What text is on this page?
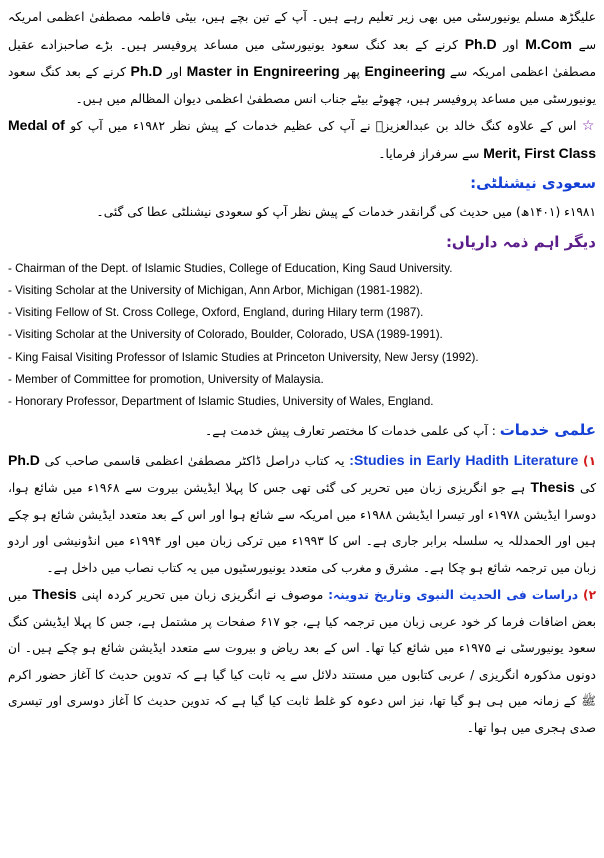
علیگڑھ مسلم یونیورسٹی میں بھی زیر تعلیم رہے ہیں۔ آپ کے تین بچے ہیں، بیٹی فاطمہ مصطفیٰ اعظمی امریکہ سے M.Com اور Ph.D کرنے کے بعد کنگ سعود یونیورسٹی میں مساعد پروفیسر ہیں۔ بڑے صاحبزادے عقیل مصطفیٰ اعظمی امریکہ سے Engineering پھر Master in Engnireering اور Ph.D کرنے کے بعد کنگ سعود یونیورسٹی میں مساعد پروفیسر ہیں، چھوٹے بیٹے جناب انس مصطفیٰ اعظمی دیوان المظالم میں ہیں۔

☆ اس کے علاوہ کنگ خالد بن عبدالعزیزؒ نے آپ کی عظیم خدمات کے پیش نظر ۱۹۸۲ء میں آپ کو Medal of Merit, First Class سے سرفراز فرمایا۔

سعودی نیشنلٹی:

۱۹۸۱ء (۱۴۰۱ھ) میں حدیث کی گرانقدر خدمات کے پیش نظر آپ کو سعودی نیشنلٹی عطا کی گئی۔

دیگر اہم ذمہ داریاں:
- Chairman of the Dept. of Islamic Studies, College of Education, King Saud University.
- Visiting Scholar at the University of Michigan, Ann Arbor, Michigan (1981-1982).
- Visiting Fellow of St. Cross College, Oxford, England, during Hilary term (1987).
- Visiting Scholar at the University of Colorado, Boulder, Colorado, USA (1989-1991).
- King Faisal Visiting Professor of Islamic Studies at Princeton University, New Jersy (1992).
- Member of Committee for promotion, University of Malaysia.
- Honorary Professor, Department of Islamic Studies, University of Wales, England.
علمی خدمات : آپ کی علمی خدمات کا مختصر تعارف پیش خدمت ہے۔

۱) Studies in Early Hadith Literature: یہ کتاب دراصل ڈاکٹر مصطفیٰ اعظمی قاسمی صاحب کی Ph.D کی Thesis ہے جو انگریزی زبان میں تحریر کی گئی تھی جس کا پہلا ایڈیشن بیروت سے ۱۹۶۸ء میں شائع ہوا، دوسرا ایڈیشن ۱۹۷۸ء اور تیسرا ایڈیشن ۱۹۸۸ء میں امریکہ سے شائع ہوا اور اس کے بعد متعدد ایڈیشن شائع ہو چکے ہیں اور الحمدللہ یہ سلسلہ برابر جاری ہے۔ اس کا ۱۹۹۳ء میں ترکی زبان میں اور ۱۹۹۴ء میں انڈونیشی اور اردو زبان میں ترجمہ شائع ہو چکا ہے۔ مشرق و مغرب کی متعدد یونیورسٹیوں میں یہ کتاب نصاب میں داخل ہے۔

۲) دراسات فی الحدیث النبوی وتاریخ تدوینہ: موصوف نے انگریزی زبان میں تحریر کردہ اپنی Thesis میں بعض اضافات فرما کر خود عربی زبان میں ترجمہ کیا ہے، جو ۶۱۷ صفحات پر مشتمل ہے، جس کا پہلا ایڈیشن کنگ سعود یونیورسٹی نے ۱۹۷۵ء میں شائع کیا تھا۔ اس کے بعد ریاض و بیروت سے متعدد ایڈیشن شائع ہو چکے ہیں۔ ان دونوں مذکورہ انگریزی / عربی کتابوں میں مستند دلائل سے یہ ثابت کیا گیا ہے کہ تدوین حدیث کا آغاز حضور اکرم ﷺ کے زمانہ میں ہی ہو گیا تھا، نیز اس دعوہ کو غلط ثابت کیا گیا ہے کہ تدوین حدیث کا آغاز دوسری اور تیسری صدی ہجری میں ہوا تھا۔
